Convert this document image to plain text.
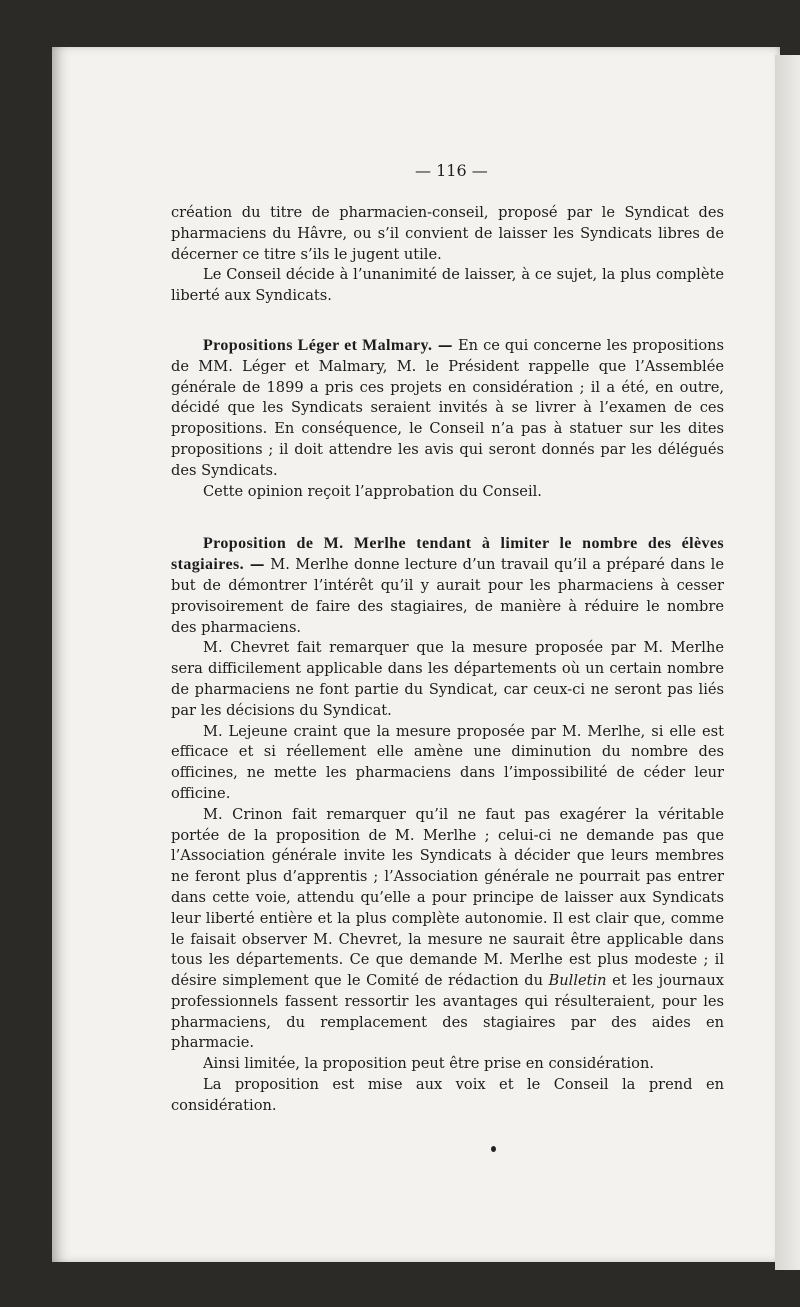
— 116 —

création du titre de pharmacien-conseil, proposé par le Syndicat des pharmaciens du Hâvre, ou s’il convient de laisser les Syndicats libres de décerner ce titre s’ils le jugent utile.

Le Conseil décide à l’unanimité de laisser, à ce sujet, la plus complète liberté aux Syndicats.

Propositions Léger et Malmary. — En ce qui concerne les propositions de MM. Léger et Malmary, M. le Président rappelle que l’Assemblée générale de 1899 a pris ces projets en considération ; il a été, en outre, décidé que les Syndicats seraient invités à se livrer à l’examen de ces propositions. En conséquence, le Conseil n’a pas à statuer sur les dites propositions ; il doit attendre les avis qui seront donnés par les délégués des Syndicats.

Cette opinion reçoit l’approbation du Conseil.

Proposition de M. Merlhe tendant à limiter le nombre des élèves stagiaires. — M. Merlhe donne lecture d’un travail qu’il a préparé dans le but de démontrer l’intérêt qu’il y aurait pour les pharmaciens à cesser provisoirement de faire des stagiaires, de manière à réduire le nombre des pharmaciens.

M. Chevret fait remarquer que la mesure proposée par M. Merlhe sera difficilement applicable dans les départements où un certain nombre de pharmaciens ne font partie du Syndicat, car ceux-ci ne seront pas liés par les décisions du Syndicat.

M. Lejeune craint que la mesure proposée par M. Merlhe, si elle est efficace et si réellement elle amène une diminution du nombre des officines, ne mette les pharmaciens dans l’impossibilité de céder leur officine.

M. Crinon fait remarquer qu’il ne faut pas exagérer la véritable portée de la proposition de M. Merlhe ; celui-ci ne demande pas que l’Association générale invite les Syndicats à décider que leurs membres ne feront plus d’apprentis ; l’Association générale ne pourrait pas entrer dans cette voie, attendu qu’elle a pour principe de laisser aux Syndicats leur liberté entière et la plus complète autonomie. Il est clair que, comme le faisait observer M. Chevret, la mesure ne saurait être applicable dans tous les départements. Ce que demande M. Merlhe est plus modeste ; il désire simplement que le Comité de rédaction du Bulletin et les journaux professionnels fassent ressortir les avantages qui résulteraient, pour les pharmaciens, du remplacement des stagiaires par des aides en pharmacie.

Ainsi limitée, la proposition peut être prise en considération.

La proposition est mise aux voix et le Conseil la prend en considération.
